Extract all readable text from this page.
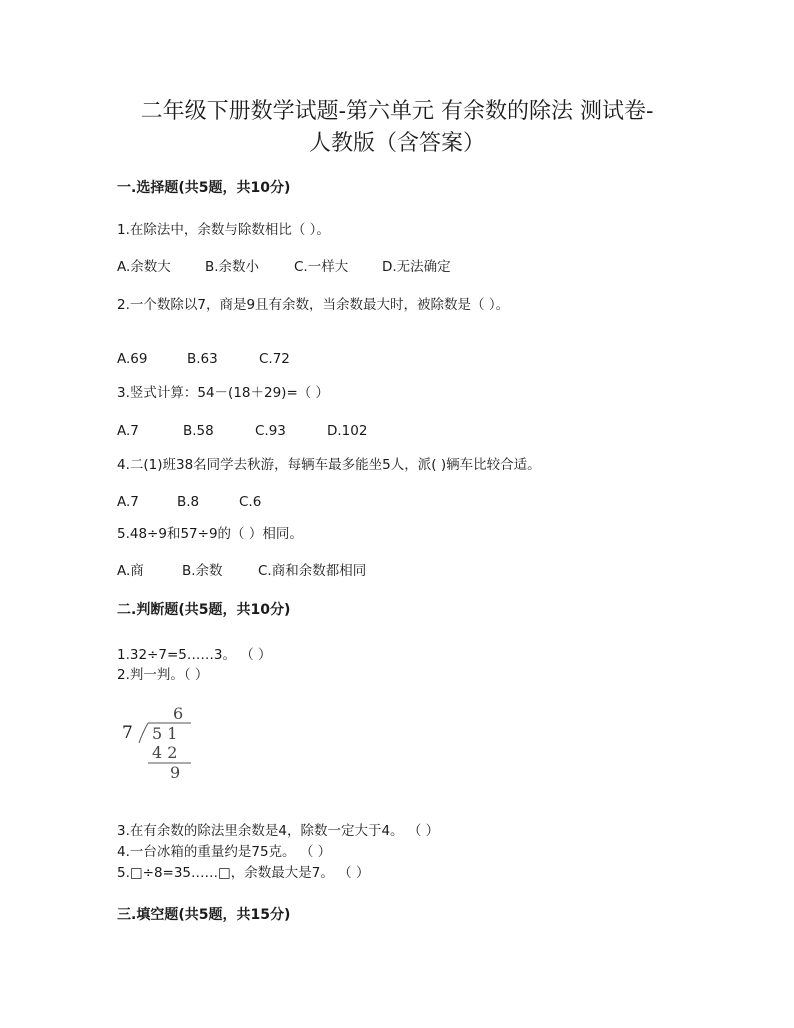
二年级下册数学试题-第六单元 有余数的除法 测试卷-
人教版（含答案）
一.选择题(共5题，共10分)
1.在除法中，余数与除数相比（ ）。
A.余数大	B.余数小	C.一样大	D.无法确定
2.一个数除以7，商是9且有余数，当余数最大时，被除数是（ ）。
A.69	B.63	C.72
3.竖式计算：54－(18＋29)=（ ）
A.7	B.58	C.93	D.102
4.二(1)班38名同学去秋游，每辆车最多能坐5人，派( )辆车比较合适。
A.7	B.8	C.6
5.48÷9和57÷9的（ ）相同。
A.商	B.余数	C.商和余数都相同
二.判断题(共5题，共10分)
1.32÷7=5……3。 （ ）
2.判一判。（ ）
6
7 5 1
4 2
9
3.在有余数的除法里余数是4，除数一定大于4。 （ ）
4.一台冰箱的重量约是75克。 （ ）
5.□÷8=35……□，余数最大是7。 （ ）
三.填空题(共5题，共15分)
